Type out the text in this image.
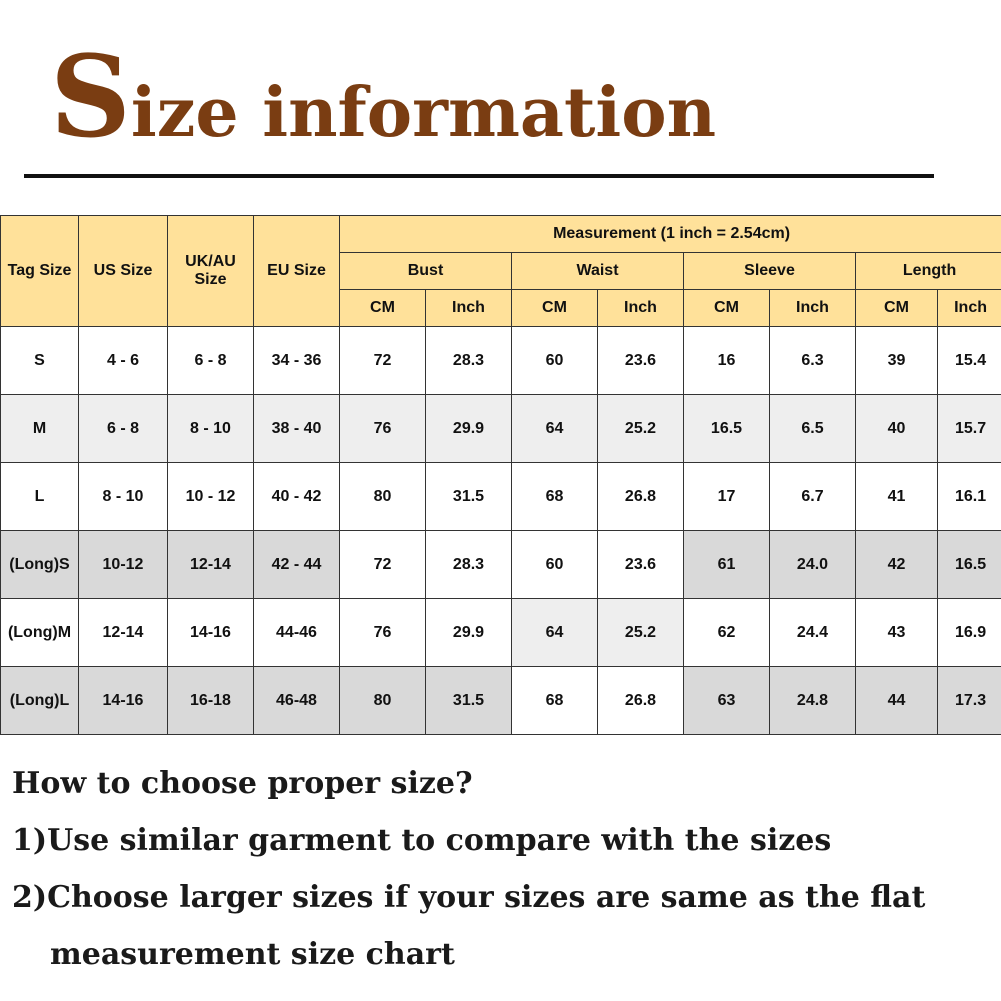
Size information
Tag Size	US Size	UK/AU Size	EU Size	Measurement (1 inch = 2.54cm)							
				Bust		Waist		Sleeve		Length	
				CM	Inch	CM	Inch	CM	Inch	CM	Inch
S	4 - 6	6 - 8	34 - 36	72	28.3	60	23.6	16	6.3	39	15.4
M	6 - 8	8 - 10	38 - 40	76	29.9	64	25.2	16.5	6.5	40	15.7
L	8 - 10	10 - 12	40 - 42	80	31.5	68	26.8	17	6.7	41	16.1
(Long)S	10-12	12-14	42 - 44	72	28.3	60	23.6	61	24.0	42	16.5
(Long)M	12-14	14-16	44-46	76	29.9	64	25.2	62	24.4	43	16.9
(Long)L	14-16	16-18	46-48	80	31.5	68	26.8	63	24.8	44	17.3
How to choose proper size?
1)Use similar garment to compare with the sizes
2)Choose larger sizes if your sizes are same as the flat
measurement size chart
